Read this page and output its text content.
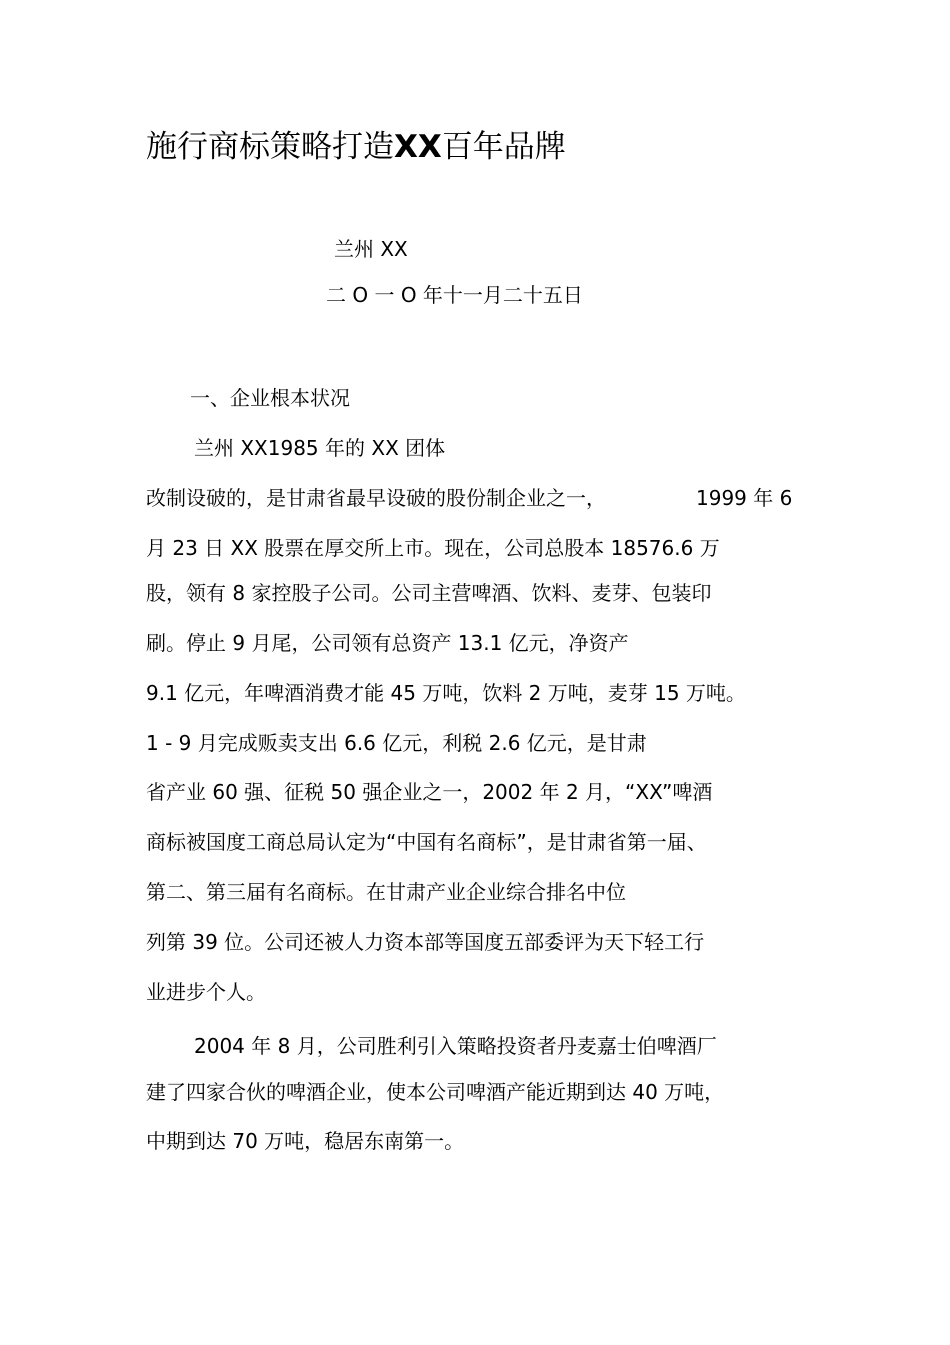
施行商标策略打造XX百年品牌
兰州 XX
二 O 一 O 年十一月二十五日
一、企业根本状况
兰州 XX1985 年的 XX 团体
改制设破的，是甘肃省最早设破的股份制企业之一，	1999 年 6
月 23 日 XX 股票在厚交所上市。现在，公司总股本 18576.6 万
股，领有 8 家控股子公司。公司主营啤酒、饮料、麦芽、包装印
刷。停止 9 月尾，公司领有总资产 13.1 亿元，净资产
9.1 亿元，年啤酒消费才能 45 万吨，饮料 2 万吨，麦芽 15 万吨。
1 - 9 月完成贩卖支出 6.6 亿元，利税 2.6 亿元，是甘肃
省产业 60 强、征税 50 强企业之一，2002 年 2 月，“XX”啤酒
商标被国度工商总局认定为“中国有名商标”，是甘肃省第一届、
第二、第三届有名商标。在甘肃产业企业综合排名中位
列第 39 位。公司还被人力资本部等国度五部委评为天下轻工行
业进步个人。
2004 年 8 月，公司胜利引入策略投资者丹麦嘉士伯啤酒厂
建了四家合伙的啤酒企业，使本公司啤酒产能近期到达 40 万吨，
中期到达 70 万吨，稳居东南第一。
